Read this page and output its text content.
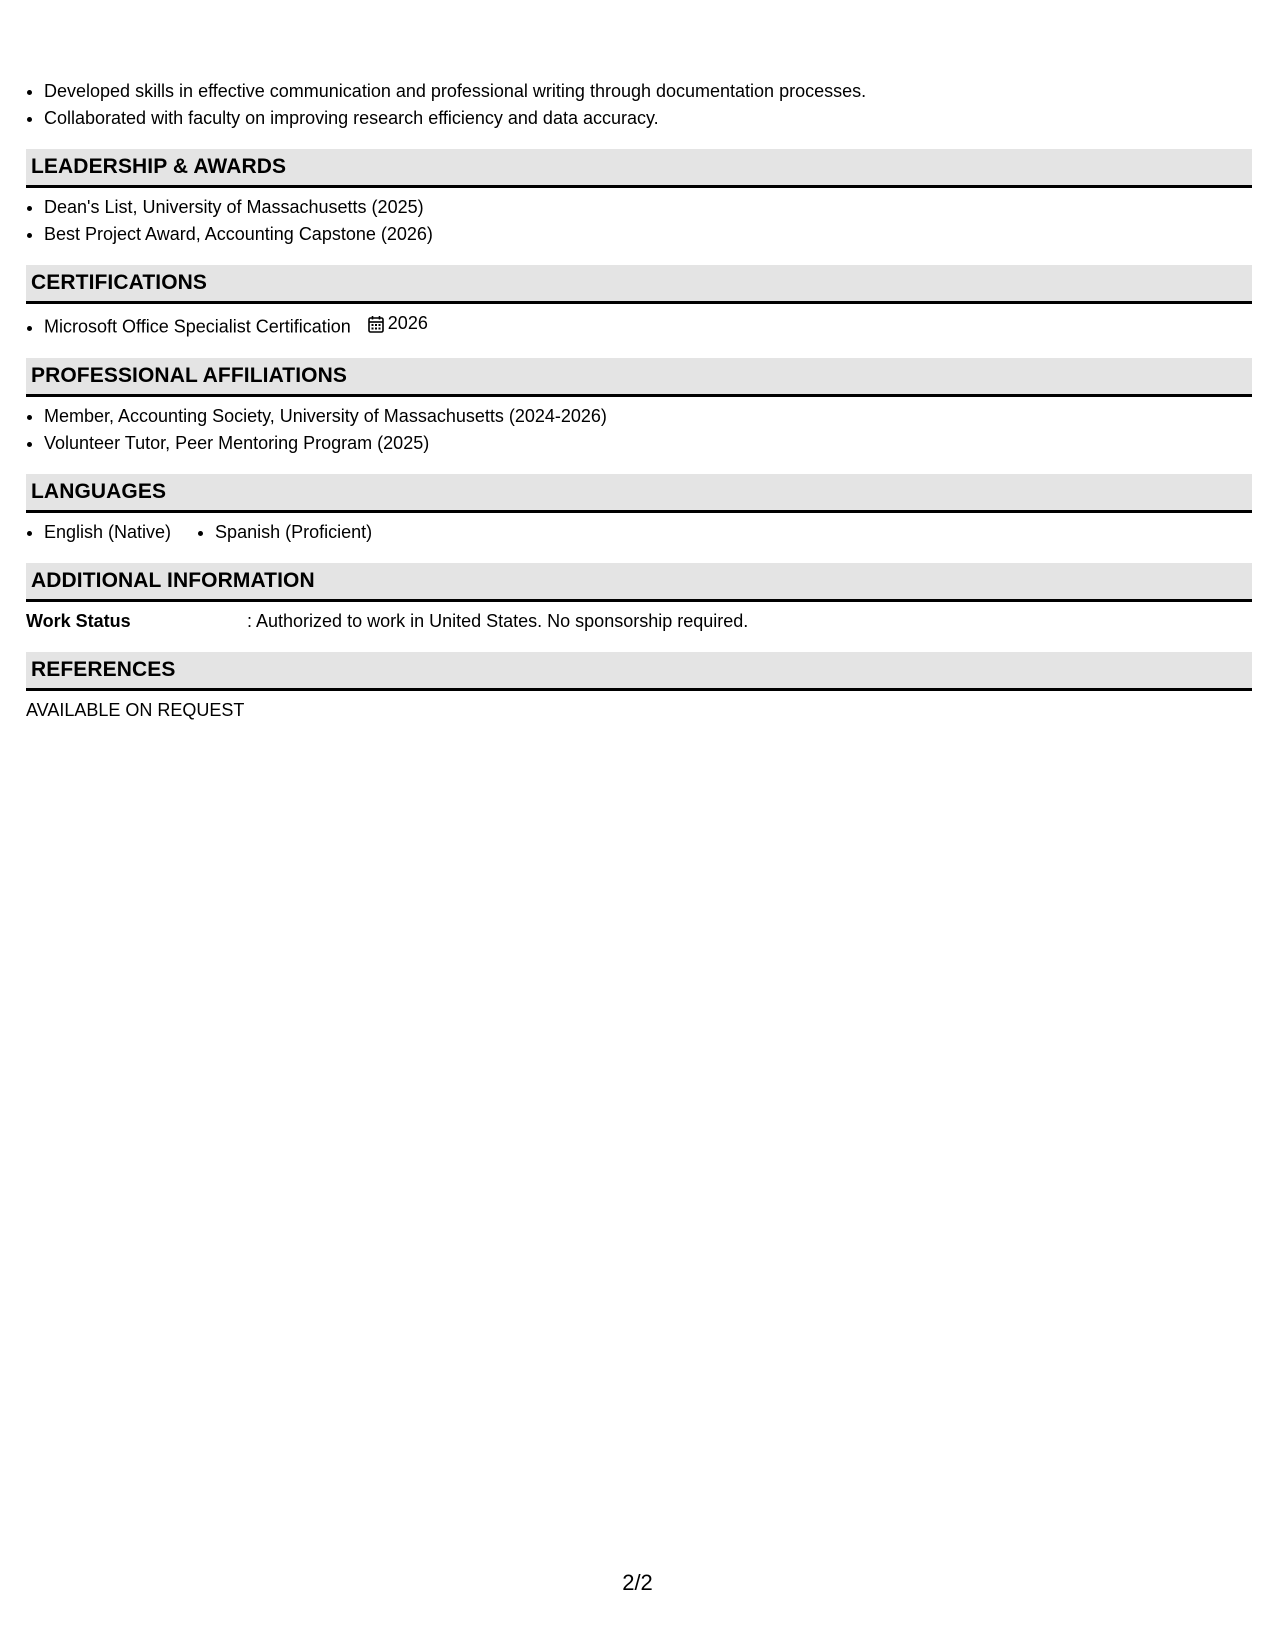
• Developed skills in effective communication and professional writing through documentation processes.
• Collaborated with faculty on improving research efficiency and data accuracy.
LEADERSHIP & AWARDS
• Dean's List, University of Massachusetts (2025)
• Best Project Award, Accounting Capstone (2026)
CERTIFICATIONS
• Microsoft Office Specialist Certification 2026
PROFESSIONAL AFFILIATIONS
• Member, Accounting Society, University of Massachusetts (2024-2026)
• Volunteer Tutor, Peer Mentoring Program (2025)
LANGUAGES
• English (Native)
• Spanish (Proficient)
ADDITIONAL INFORMATION
Work Status	: Authorized to work in United States. No sponsorship required.
REFERENCES
AVAILABLE ON REQUEST
2/2
